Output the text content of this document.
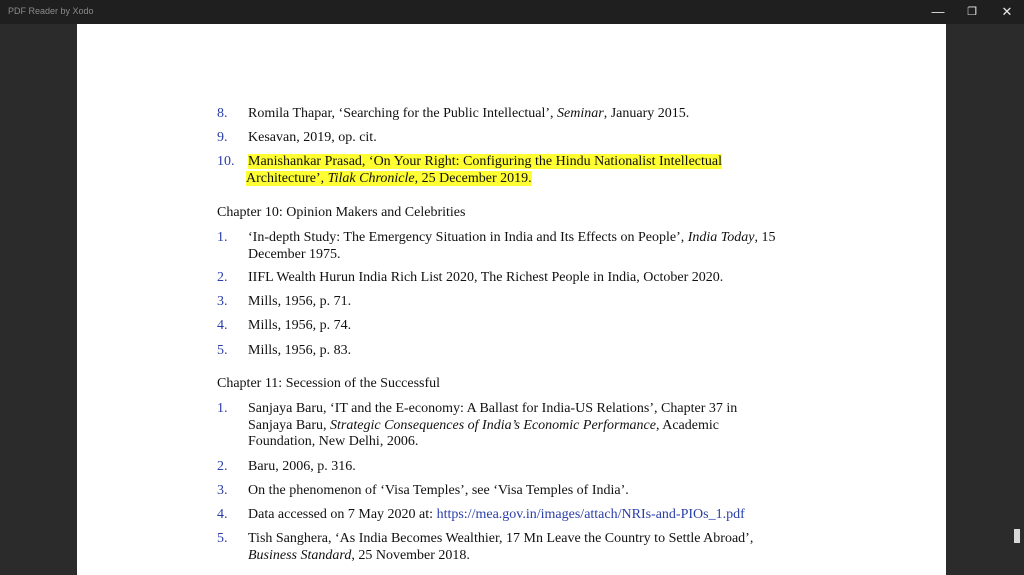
PDF Reader by Xodo	—	❐	✕
8. Romila Thapar, ‘Searching for the Public Intellectual’, Seminar, January 2015.
9. Kesavan, 2019, op. cit.
10. Manishankar Prasad, ‘On Your Right: Configuring the Hindu Nationalist Intellectual
Architecture’, Tilak Chronicle, 25 December 2019.
Chapter 10: Opinion Makers and Celebrities
1. ‘In-depth Study: The Emergency Situation in India and Its Effects on People’, India Today, 15
December 1975.
2. IIFL Wealth Hurun India Rich List 2020, The Richest People in India, October 2020.
3. Mills, 1956, p. 71.
4. Mills, 1956, p. 74.
5. Mills, 1956, p. 83.
Chapter 11: Secession of the Successful
1. Sanjaya Baru, ‘IT and the E-economy: A Ballast for India-US Relations’, Chapter 37 in
Sanjaya Baru, Strategic Consequences of India’s Economic Performance, Academic
Foundation, New Delhi, 2006.
2. Baru, 2006, p. 316.
3. On the phenomenon of ‘Visa Temples’, see ‘Visa Temples of India’.
4. Data accessed on 7 May 2020 at: https://mea.gov.in/images/attach/NRIs-and-PIOs_1.pdf
5. Tish Sanghera, ‘As India Becomes Wealthier, 17 Mn Leave the Country to Settle Abroad’,
Business Standard, 25 November 2018.
